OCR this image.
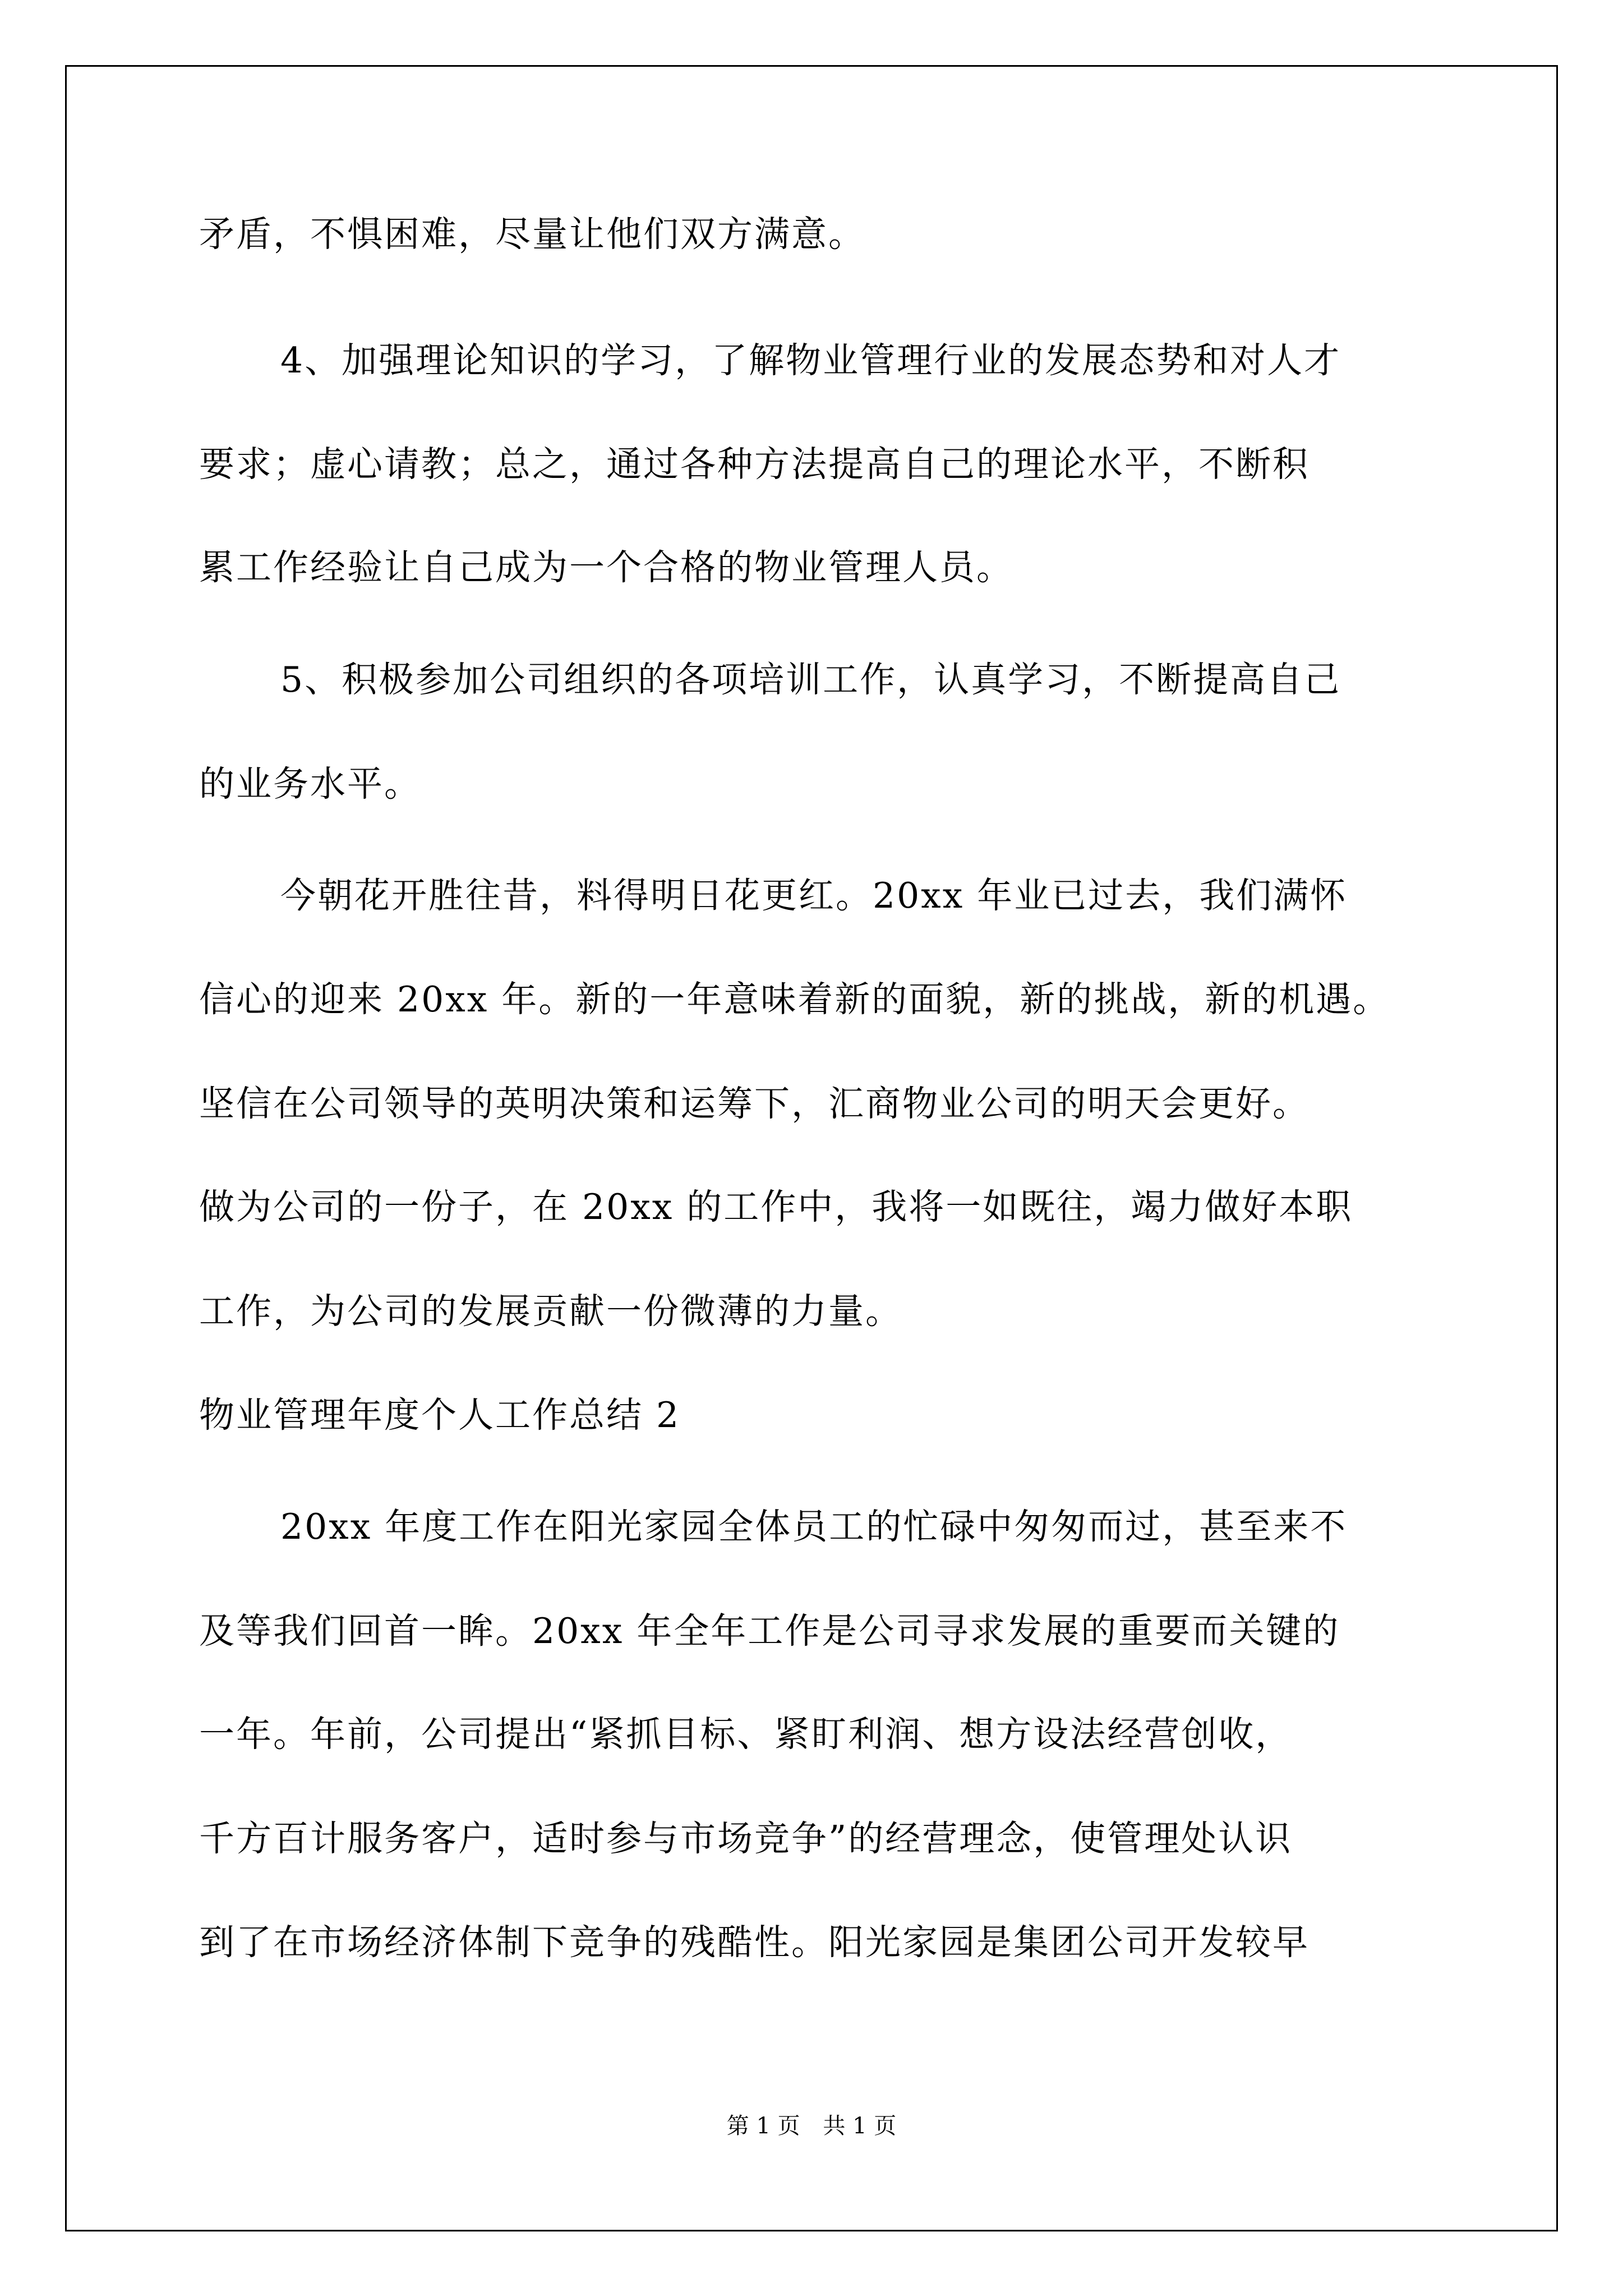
矛盾，不惧困难，尽量让他们双方满意。

4、加强理论知识的学习，了解物业管理行业的发展态势和对人才

要求；虚心请教；总之，通过各种方法提高自己的理论水平，不断积

累工作经验让自己成为一个合格的物业管理人员。

5、积极参加公司组织的各项培训工作，认真学习，不断提高自己

的业务水平。

今朝花开胜往昔，料得明日花更红。20xx 年业已过去，我们满怀

信心的迎来 20xx 年。新的一年意味着新的面貌，新的挑战，新的机遇。

坚信在公司领导的英明决策和运筹下，汇商物业公司的明天会更好。

做为公司的一份子，在 20xx 的工作中，我将一如既往，竭力做好本职

工作，为公司的发展贡献一份微薄的力量。

物业管理年度个人工作总结 2

20xx 年度工作在阳光家园全体员工的忙碌中匆匆而过，甚至来不

及等我们回首一眸。20xx 年全年工作是公司寻求发展的重要而关键的

一年。年前，公司提出“紧抓目标、紧盯利润、想方设法经营创收，

千方百计服务客户，适时参与市场竞争”的经营理念，使管理处认识

到了在市场经济体制下竞争的残酷性。阳光家园是集团公司开发较早

第 1 页 共 1 页
